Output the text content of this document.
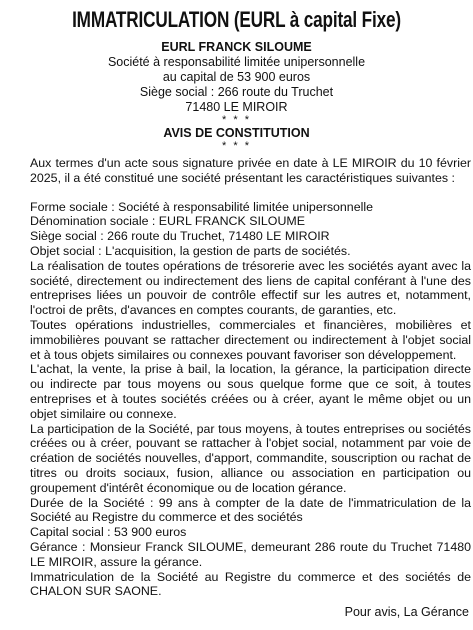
IMMATRICULATION (EURL à capital Fixe)
EURL FRANCK SILOUME
Société à responsabilité limitée unipersonnelle
au capital de 53 900 euros
Siège social : 266 route du Truchet
71480 LE MIROIR
* * *
AVIS DE CONSTITUTION
* * *

Aux termes d'un acte sous signature privée en date à LE MIROIR du 10 février 2025, il a été constitué une société présentant les caractéristiques suivantes :

Forme sociale : Société à responsabilité limitée unipersonnelle

Dénomination sociale : EURL FRANCK SILOUME

Siège social : 266 route du Truchet, 71480 LE MIROIR

Objet social : L'acquisition, la gestion de parts de sociétés.

La réalisation de toutes opérations de trésorerie avec les sociétés ayant avec la société, directement ou indirectement des liens de capital conférant à l'une des entreprises liées un pouvoir de contrôle effectif sur les autres et, notamment, l'octroi de prêts, d'avances en comptes courants, de garanties, etc.

Toutes opérations industrielles, commerciales et financières, mobilières et immobilières pouvant se rattacher directement ou indirectement à l'objet social et à tous objets similaires ou connexes pouvant favoriser son développement.

L'achat, la vente, la prise à bail, la location, la gérance, la participation directe ou indirecte par tous moyens ou sous quelque forme que ce soit, à toutes entreprises et à toutes sociétés créées ou à créer, ayant le même objet ou un objet similaire ou connexe.

La participation de la Société, par tous moyens, à toutes entreprises ou sociétés créées ou à créer, pouvant se rattacher à l'objet social, notamment par voie de création de sociétés nouvelles, d'apport, commandite, souscription ou rachat de titres ou droits sociaux, fusion, alliance ou association en participation ou groupement d'intérêt économique ou de location gérance.

Durée de la Société : 99 ans à compter de la date de l'immatriculation de la Société au Registre du commerce et des sociétés

Capital social : 53 900 euros

Gérance : Monsieur Franck SILOUME, demeurant 286 route du Truchet 71480 LE MIROIR, assure la gérance.

Immatriculation de la Société au Registre du commerce et des sociétés de CHALON SUR SAONE.

Pour avis, La Gérance
